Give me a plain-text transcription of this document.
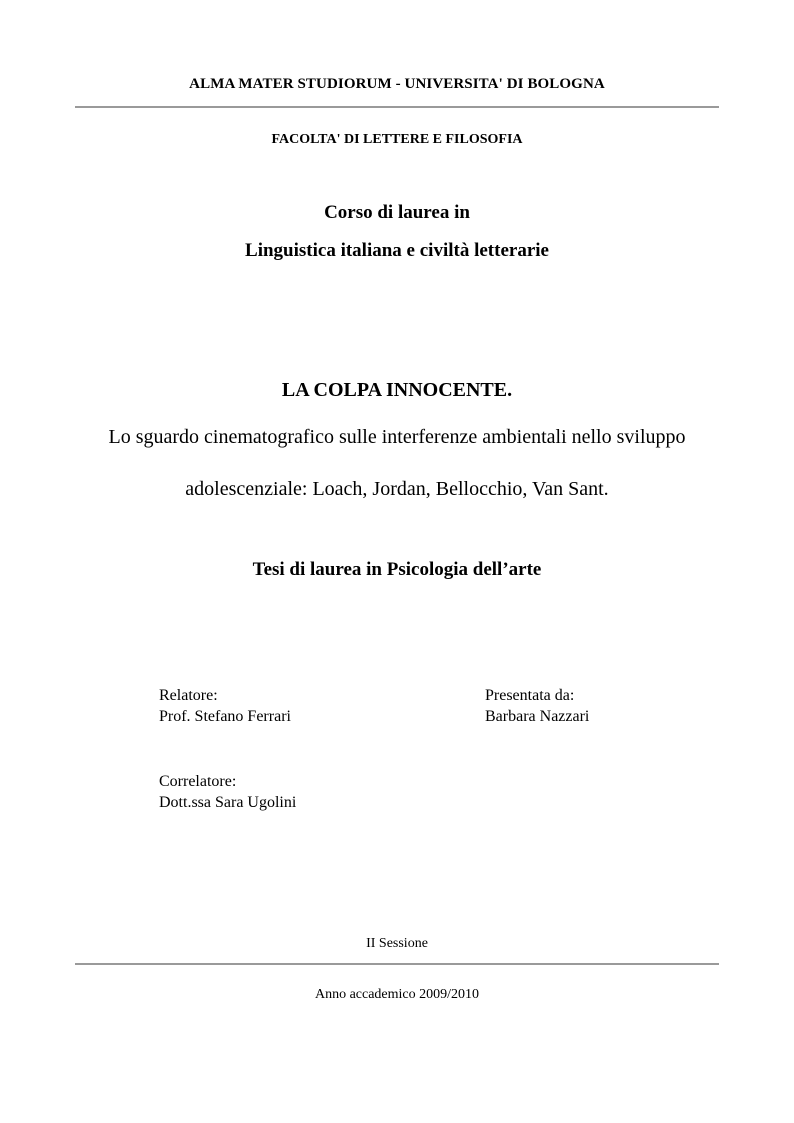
ALMA MATER STUDIORUM - UNIVERSITA' DI BOLOGNA

FACOLTA' DI LETTERE E FILOSOFIA

Corso di laurea in

Linguistica italiana e civiltà letterarie

LA COLPA INNOCENTE.

Lo sguardo cinematografico sulle interferenze ambientali nello sviluppo

adolescenziale: Loach, Jordan, Bellocchio, Van Sant.

Tesi di laurea in Psicologia dell’arte

Relatore:
Prof. Stefano Ferrari
Presentata da:
Barbara Nazzari
Correlatore:
Dott.ssa Sara Ugolini

II Sessione

Anno accademico 2009/2010
